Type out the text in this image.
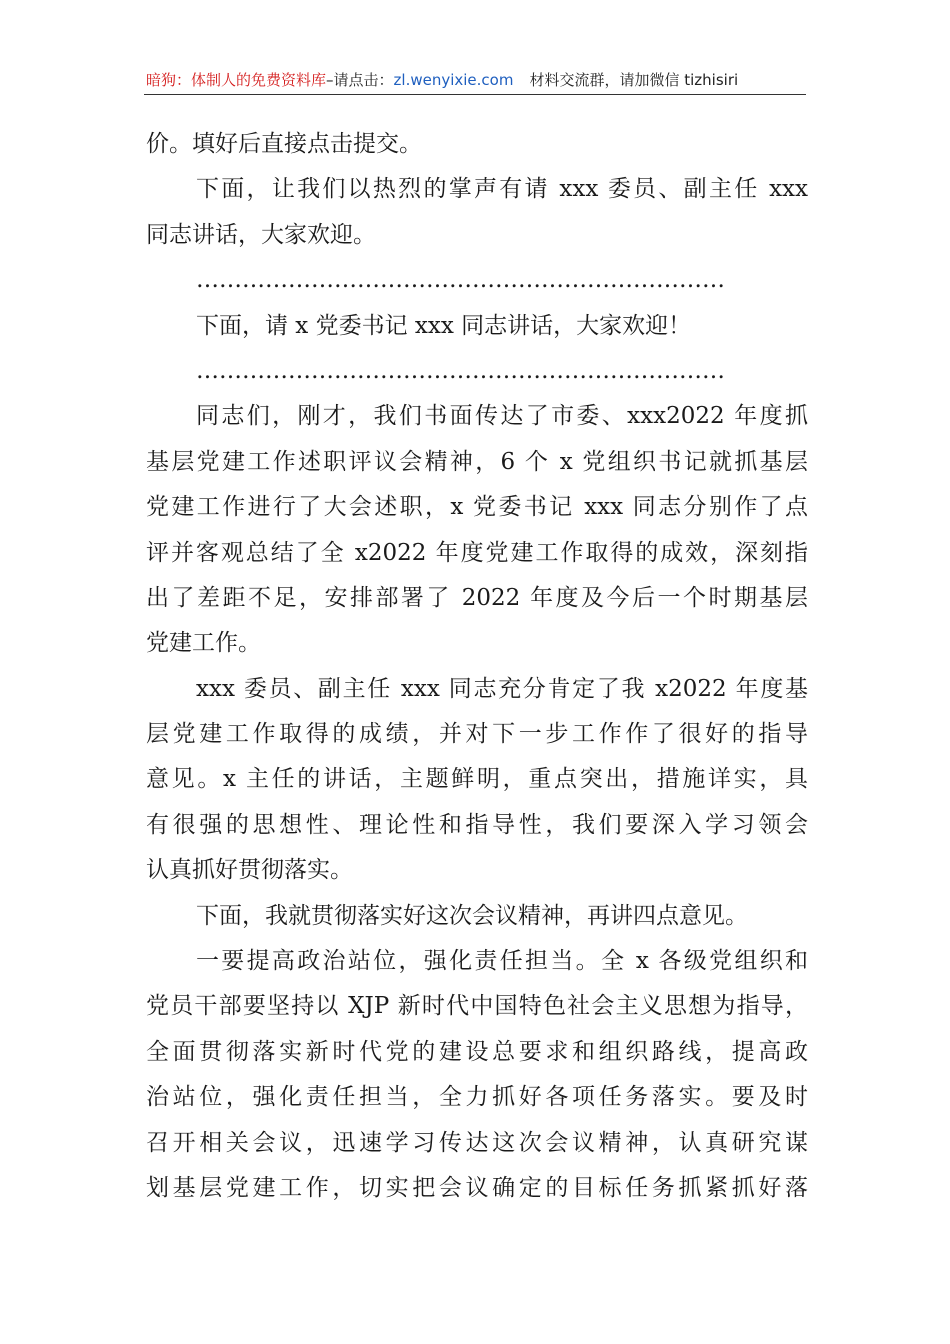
暗狗：体制人的免费资料库–请点击：zl.wenyixie.com 材料交流群，请加微信 tizhisiri
价。填好后直接点击提交。
下面，让我们以热烈的掌声有请 xxx 委员、副主任 xxx
同志讲话，大家欢迎。
……………………………………………………………
下面，请 x 党委书记 xxx 同志讲话，大家欢迎！
……………………………………………………………
同志们，刚才，我们书面传达了市委、xxx2022 年度抓
基层党建工作述职评议会精神，6 个 x 党组织书记就抓基层
党建工作进行了大会述职，x 党委书记 xxx 同志分别作了点
评并客观总结了全 x2022 年度党建工作取得的成效，深刻指
出了差距不足，安排部署了 2022 年度及今后一个时期基层
党建工作。
xxx 委员、副主任 xxx 同志充分肯定了我 x2022 年度基
层党建工作取得的成绩，并对下一步工作作了很好的指导
意见。x 主任的讲话，主题鲜明，重点突出，措施详实，具
有很强的思想性、理论性和指导性，我们要深入学习领会
认真抓好贯彻落实。
下面，我就贯彻落实好这次会议精神，再讲四点意见。
一要提高政治站位，强化责任担当。全 x 各级党组织和
党员干部要坚持以 XJP 新时代中国特色社会主义思想为指导，
全面贯彻落实新时代党的建设总要求和组织路线，提高政
治站位，强化责任担当，全力抓好各项任务落实。要及时
召开相关会议，迅速学习传达这次会议精神，认真研究谋
划基层党建工作，切实把会议确定的目标任务抓紧抓好落
